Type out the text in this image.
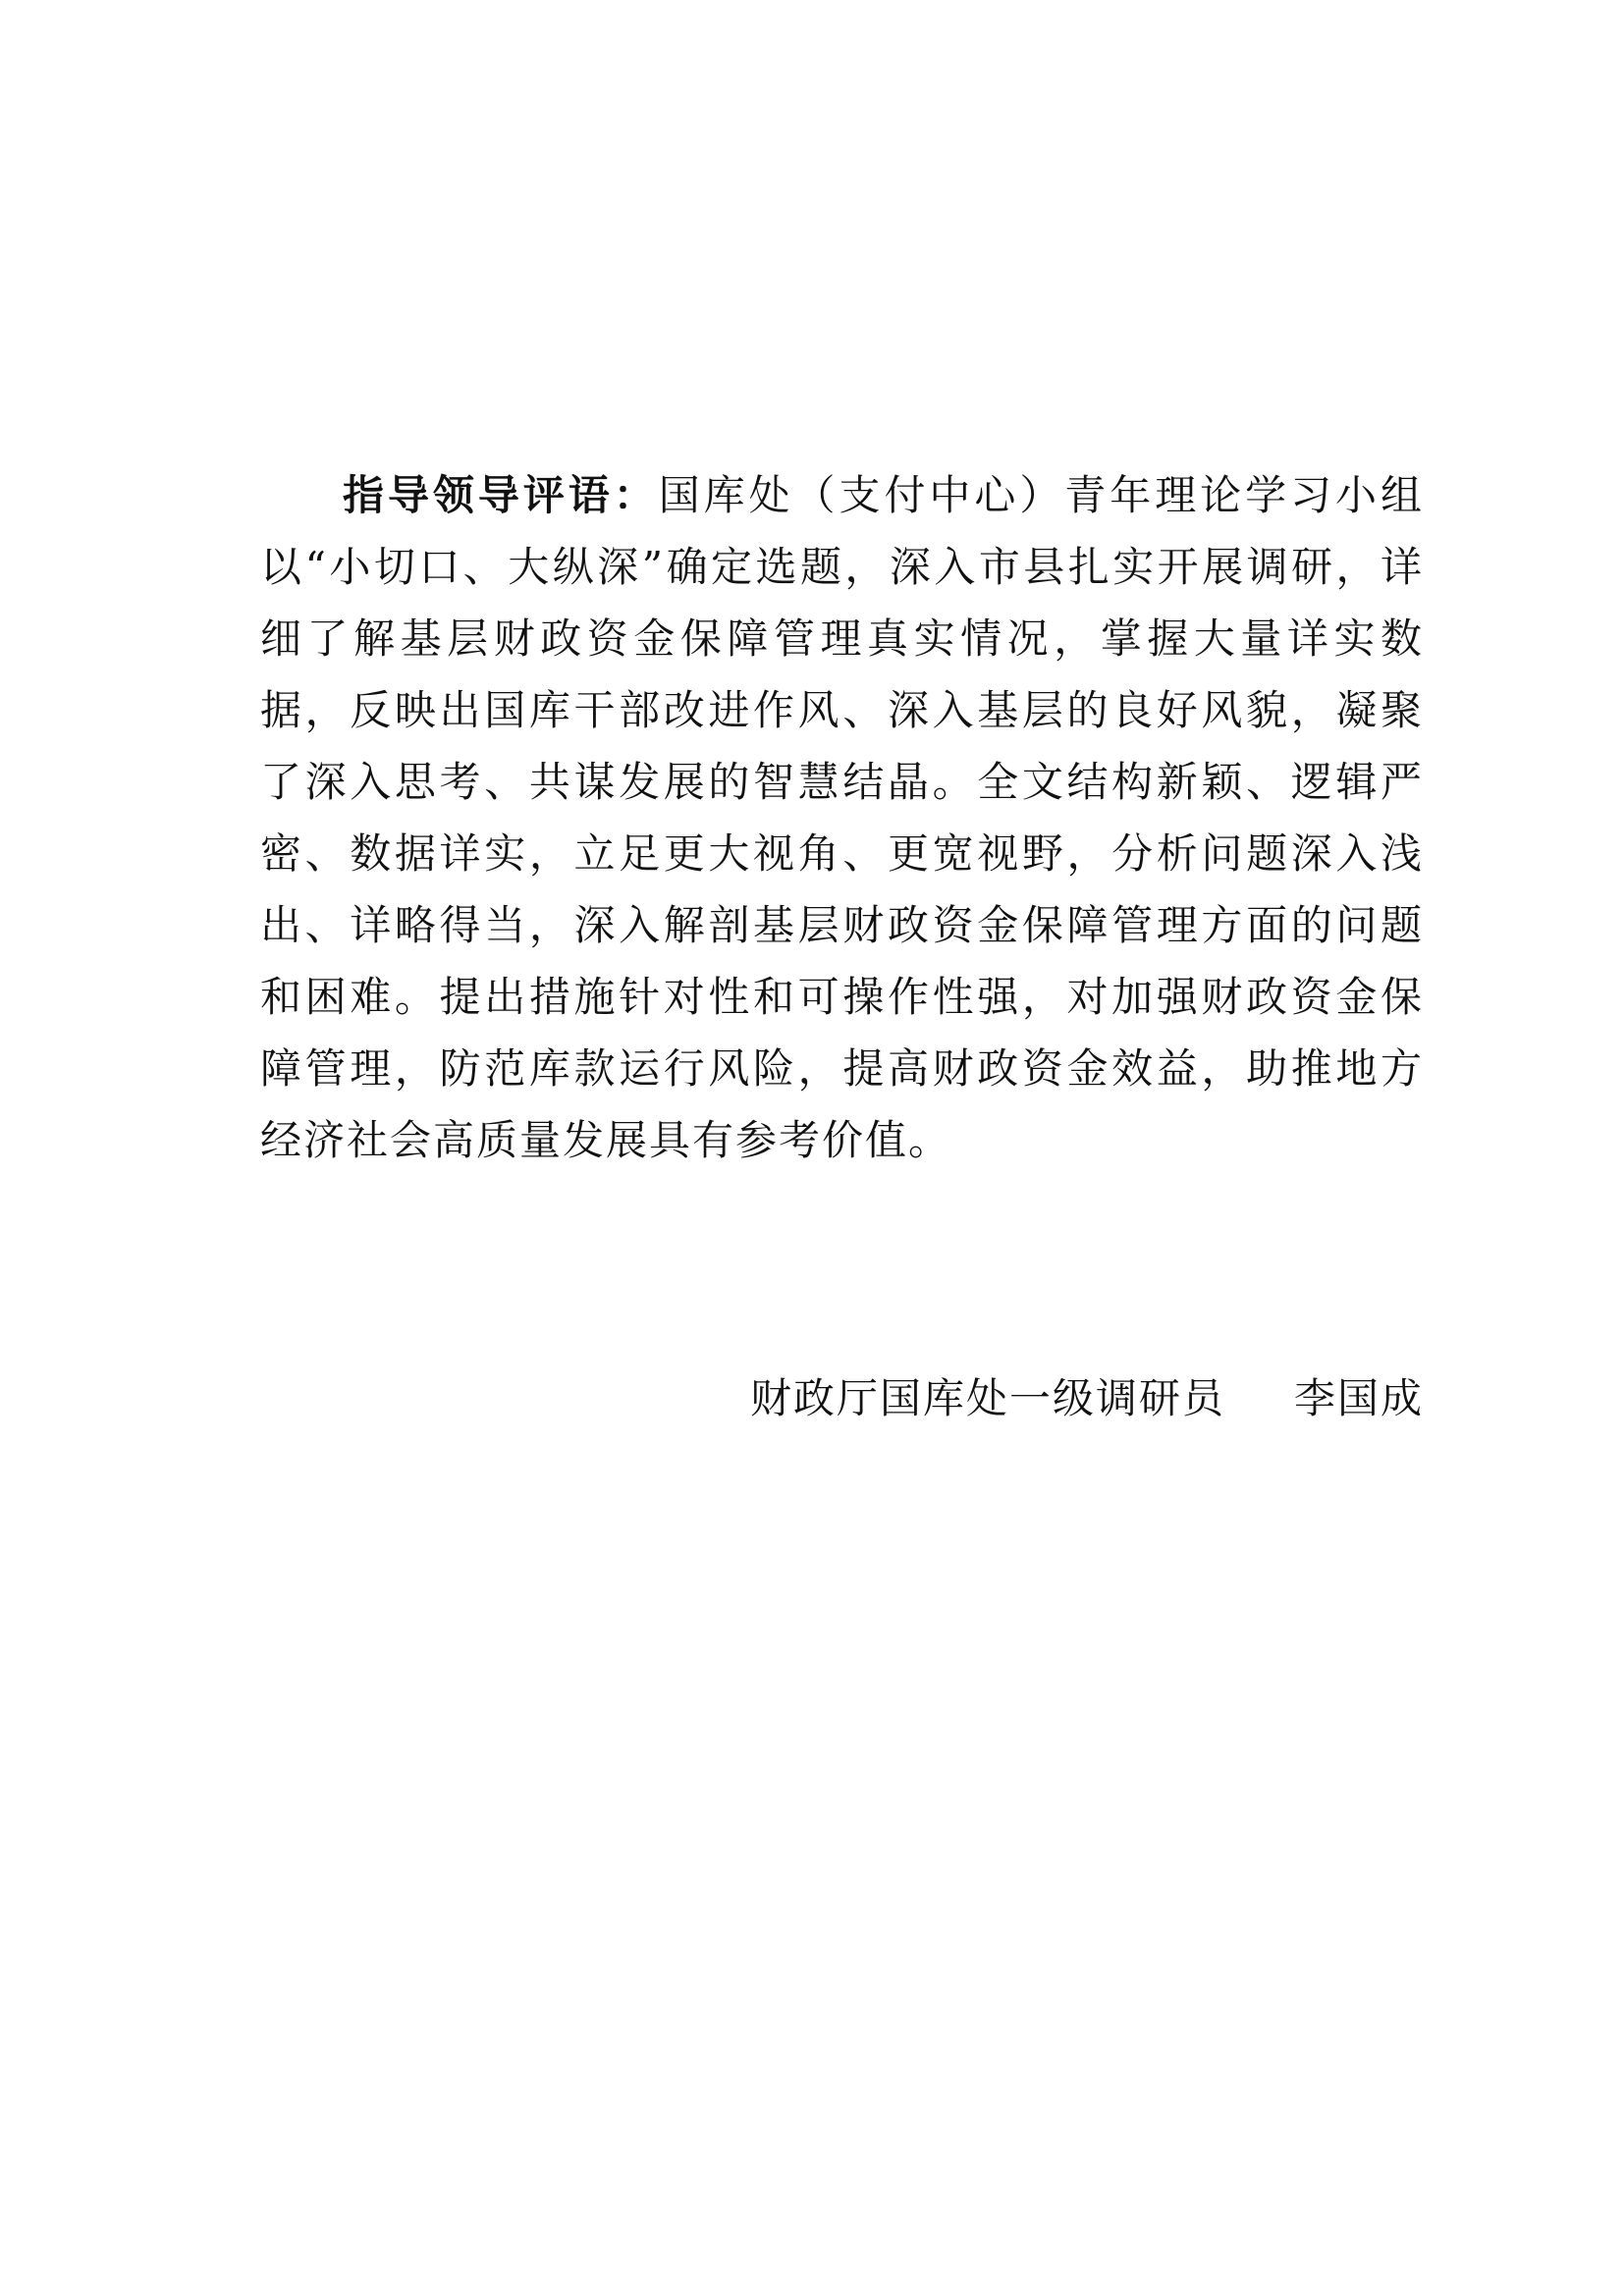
指导领导评语：国库处（支付中心）青年理论学习小组以“小切口、大纵深”确定选题，深入市县扎实开展调研，详细了解基层财政资金保障管理真实情况，掌握大量详实数据，反映出国库干部改进作风、深入基层的良好风貌，凝聚了深入思考、共谋发展的智慧结晶。全文结构新颖、逻辑严密、数据详实，立足更大视角、更宽视野，分析问题深入浅出、详略得当，深入解剖基层财政资金保障管理方面的问题和困难。提出措施针对性和可操作性强，对加强财政资金保障管理，防范库款运行风险，提高财政资金效益，助推地方经济社会高质量发展具有参考价值。

财政厅国库处一级调研员 李国成
